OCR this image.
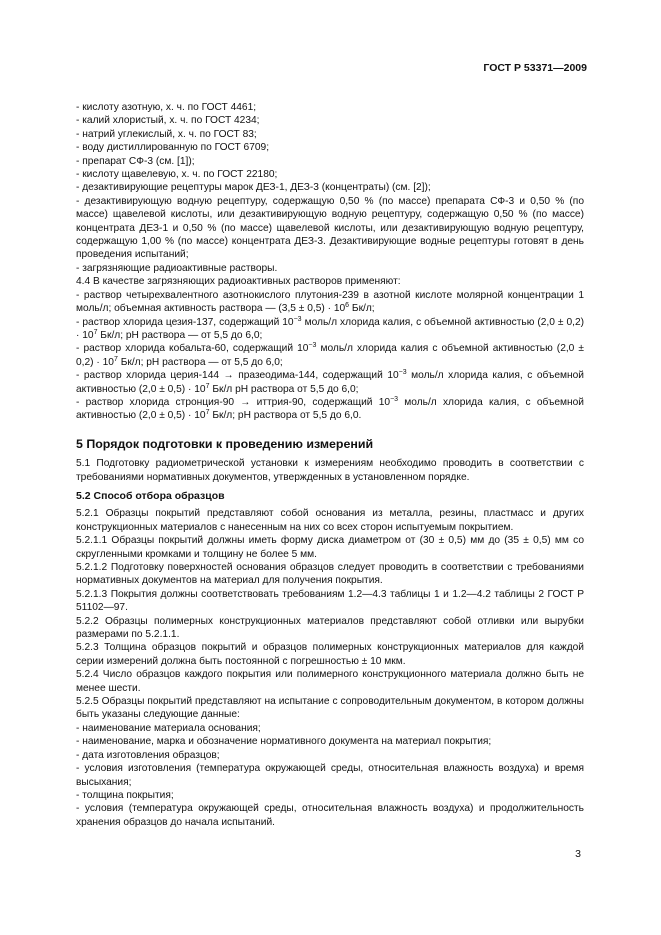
ГОСТ Р 53371—2009

- кислоту азотную, х. ч. по ГОСТ 4461;

- калий хлористый, х. ч. по ГОСТ 4234;

- натрий углекислый, х. ч. по ГОСТ 83;

- воду дистиллированную по ГОСТ 6709;

- препарат СФ-3 (см. [1]);

- кислоту щавелевую, х. ч. по ГОСТ 22180;

- дезактивирующие рецептуры марок ДЕЗ-1, ДЕЗ-3 (концентраты) (см. [2]);

- дезактивирующую водную рецептуру, содержащую 0,50 % (по массе) препарата СФ-3 и 0,50 % (по массе) щавелевой кислоты, или дезактивирующую водную рецептуру, содержащую 0,50 % (по массе) концентрата ДЕЗ-1 и 0,50 % (по массе) щавелевой кислоты, или дезактивирующую водную рецептуру, содержащую 1,00 % (по массе) концентрата ДЕЗ-3. Дезактивирующие водные рецептуры готовят в день проведения испытаний;

- загрязняющие радиоактивные растворы.

4.4 В качестве загрязняющих радиоактивных растворов применяют:

- раствор четырехвалентного азотнокислого плутония-239 в азотной кислоте молярной концентрации 1 моль/л; объемная активность раствора — $(3,5 \pm 0,5) \cdot 10^6$ Бк/л;

- раствор хлорида цезия-137, содержащий $10^{-3}$ моль/л хлорида калия, с объемной активностью $(2,0 \pm 0,2) \cdot 10^7$ Бк/л; pH раствора — от 5,5 до 6,0;

- раствор хлорида кобальта-60, содержащий $10^{-3}$ моль/л хлорида калия с объемной активностью $(2,0 \pm 0,2) \cdot 10^7$ Бк/л; pH раствора — от 5,5 до 6,0;

- раствор хлорида церия-144 → празеодима-144, содержащий $10^{-3}$ моль/л хлорида калия, с объемной активностью $(2,0 \pm 0,5) \cdot 10^7$ Бк/л pH раствора от 5,5 до 6,0;

- раствор хлорида стронция-90 → иттрия-90, содержащий $10^{-3}$ моль/л хлорида калия, с объемной активностью $(2,0 \pm 0,5) \cdot 10^7$ Бк/л; pH раствора от 5,5 до 6,0.

5 Порядок подготовки к проведению измерений

5.1 Подготовку радиометрической установки к измерениям необходимо проводить в соответствии с требованиями нормативных документов, утвержденных в установленном порядке.

5.2 Способ отбора образцов

5.2.1 Образцы покрытий представляют собой основания из металла, резины, пластмасс и других конструкционных материалов с нанесенным на них со всех сторон испытуемым покрытием.

5.2.1.1 Образцы покрытий должны иметь форму диска диаметром от (30 ± 0,5) мм до (35 ± 0,5) мм со скругленными кромками и толщину не более 5 мм.

5.2.1.2 Подготовку поверхностей основания образцов следует проводить в соответствии с требованиями нормативных документов на материал для получения покрытия.

5.2.1.3 Покрытия должны соответствовать требованиям 1.2—4.3 таблицы 1 и 1.2—4.2 таблицы 2 ГОСТ Р 51102—97.

5.2.2 Образцы полимерных конструкционных материалов представляют собой отливки или вырубки размерами по 5.2.1.1.

5.2.3 Толщина образцов покрытий и образцов полимерных конструкционных материалов для каждой серии измерений должна быть постоянной с погрешностью ± 10 мкм.

5.2.4 Число образцов каждого покрытия или полимерного конструкционного материала должно быть не менее шести.

5.2.5 Образцы покрытий представляют на испытание с сопроводительным документом, в котором должны быть указаны следующие данные:

- наименование материала основания;

- наименование, марка и обозначение нормативного документа на материал покрытия;

- дата изготовления образцов;

- условия изготовления (температура окружающей среды, относительная влажность воздуха) и время высыхания;

- толщина покрытия;

- условия (температура окружающей среды, относительная влажность воздуха) и продолжительность хранения образцов до начала испытаний.

3
